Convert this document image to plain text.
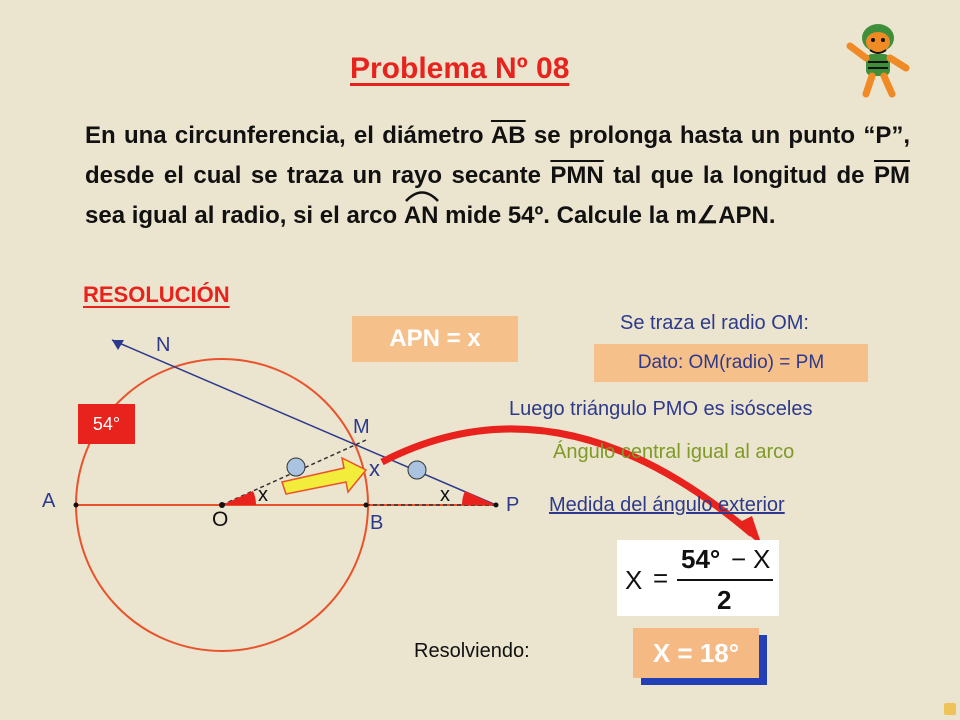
Problema Nº 08
En una circunferencia, el diámetro $\overline{AB}$ se prolonga hasta un punto “P”, desde el cual se traza un rayo secante $\overline{PMN}$ tal que la longitud de $\overline{PM}$ sea igual al radio, si el arco
AN mide 54º. Calcule la m∠APN.
RESOLUCIÓN
N
M
A
O	B
P
x	x
x
54°
APN = x
Se traza el radio OM:
Dato: OM(radio) = PM
Luego triángulo PMO es isósceles
Ángulo central igual al arco
Medida del ángulo exterior
X =
54° − X
2
Resolviendo:	X = 18°
